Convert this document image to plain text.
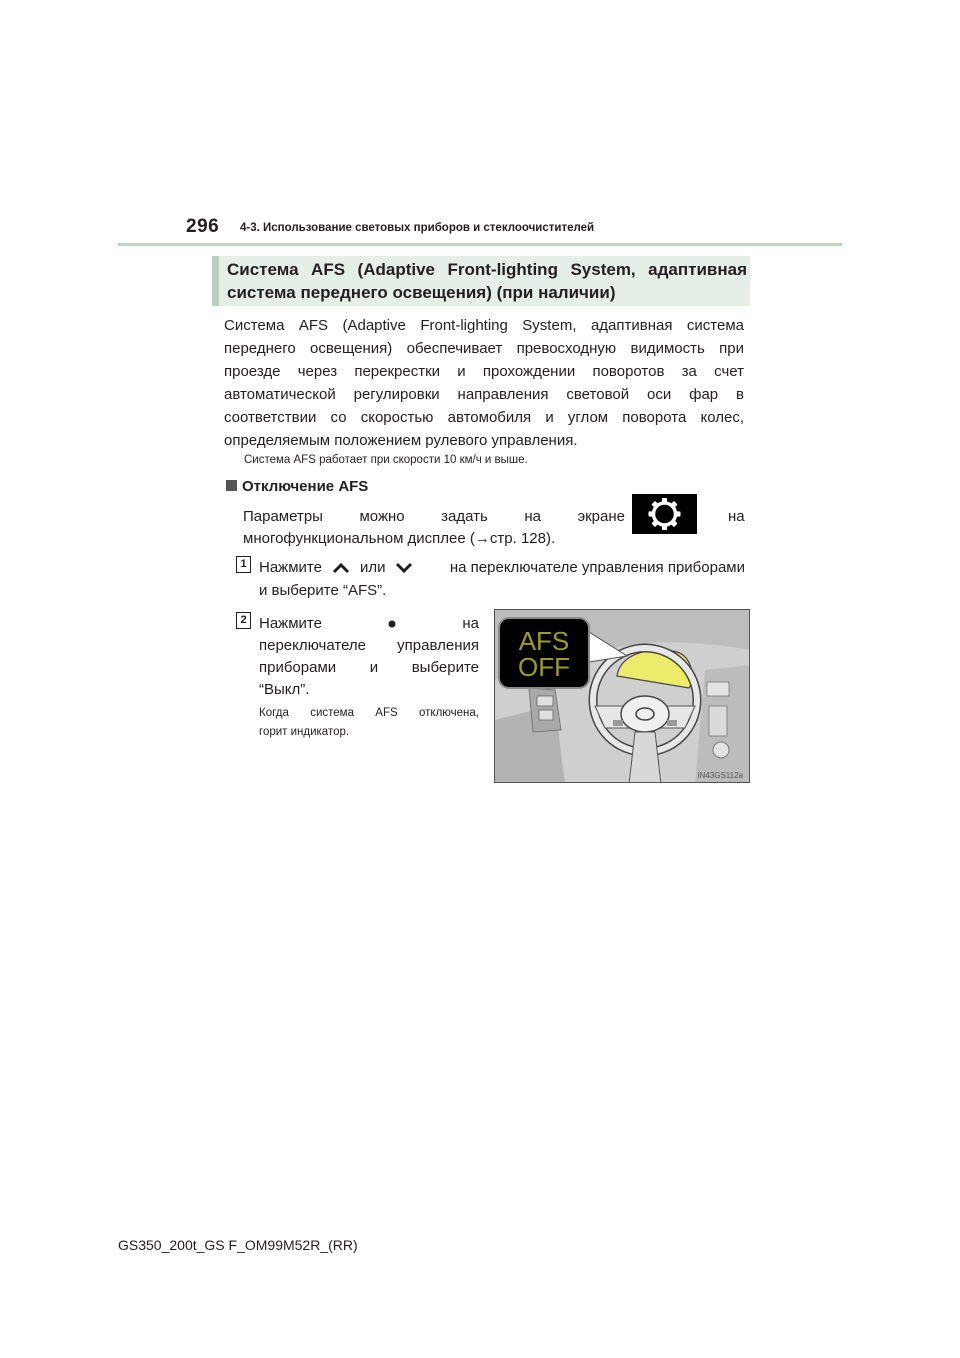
296 4-3. Использование световых приборов и стеклоочистителей
Система AFS (Adaptive Front-lighting System, адаптивная
система переднего освещения) (при наличии)
Система AFS (Adaptive Front-lighting System, адаптивная система
переднего освещения) обеспечивает превосходную видимость при
проезде через перекрестки и прохождении поворотов за счет
автоматической регулировки направления световой оси фар в
соответствии со скоростью автомобиля и углом поворота колес,
определяемым положением рулевого управления.
Система AFS работает при скорости 10 км/ч и выше.
Отключение AFS
Параметры можно задать на экране	на
многофункциональном дисплее (→стр. 128).
1 Нажмите	или	на переключателе управления приборами
и выберите “AFS”.
2 Нажмите	на
переключателе управления
приборами и выберите
“Выкл”.
Когда система AFS отключена,
горит индикатор.
AFS
OFF
IN43GS112a
GS350_200t_GS F_OM99M52R_(RR)
